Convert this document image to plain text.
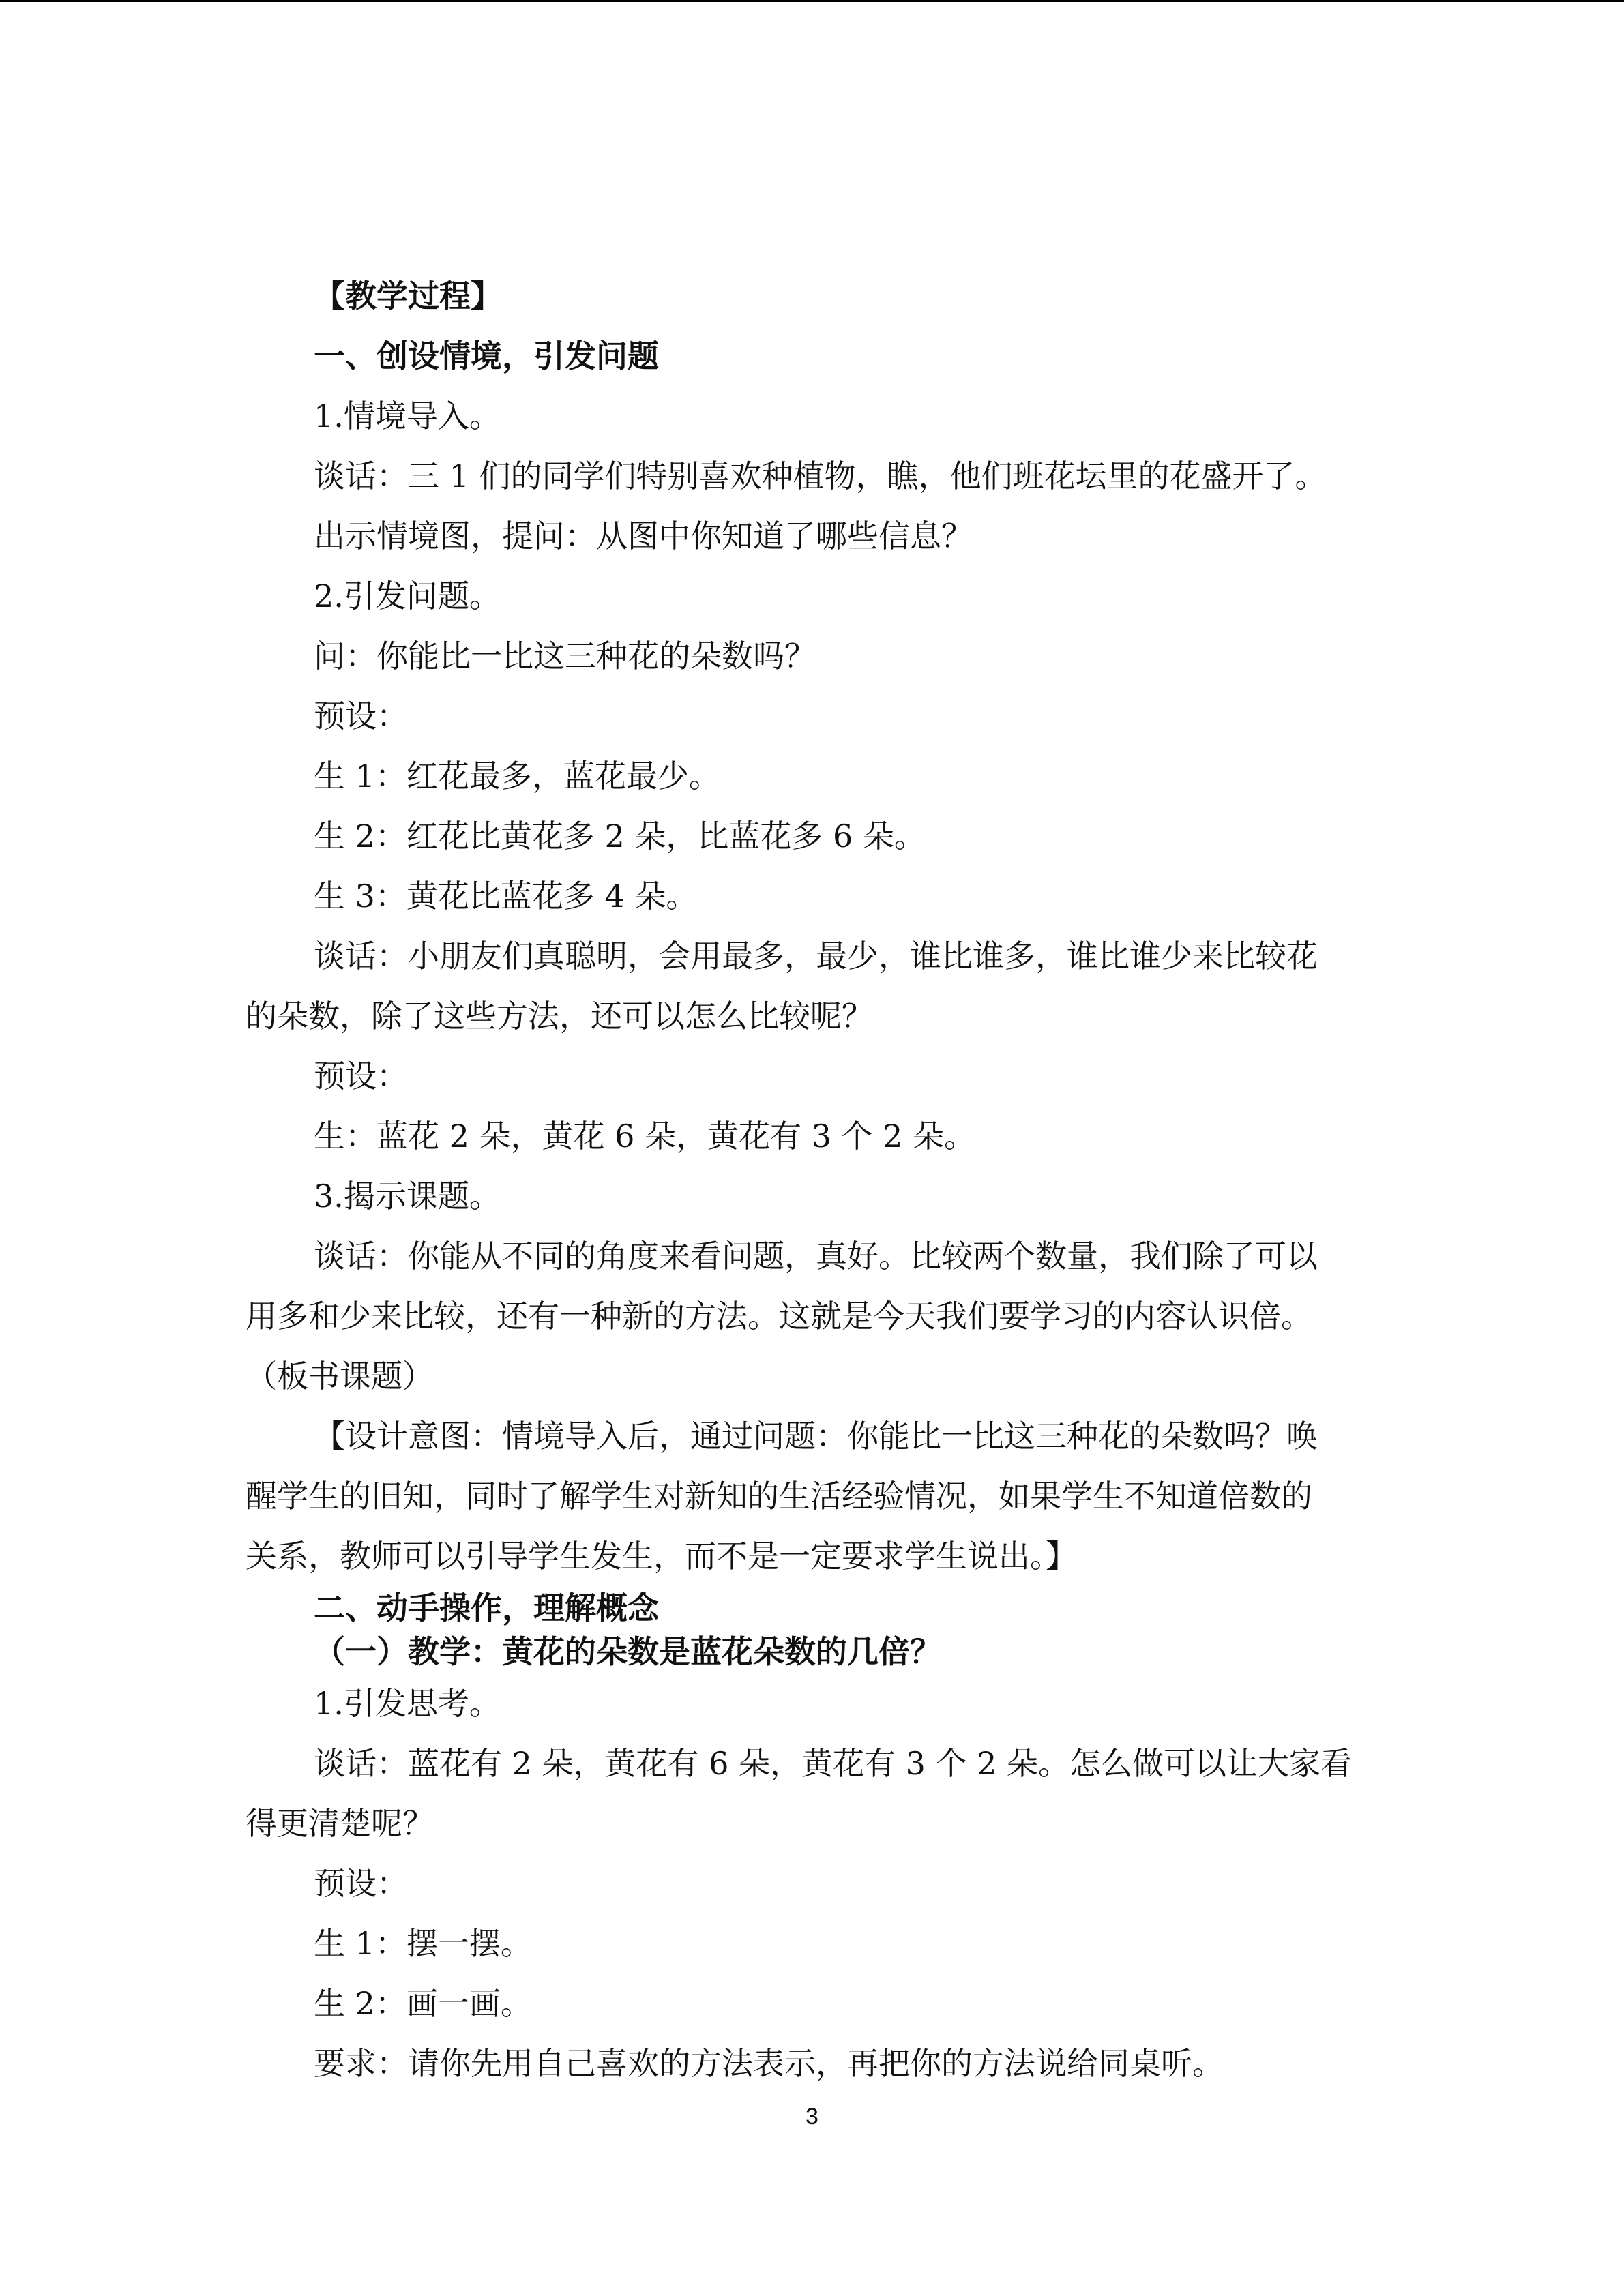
【教学过程】
一、创设情境，引发问题
1.情境导入。
谈话：三 1 们的同学们特别喜欢种植物，瞧，他们班花坛里的花盛开了。
出示情境图，提问：从图中你知道了哪些信息？
2.引发问题。
问：你能比一比这三种花的朵数吗？
预设：
生 1：红花最多，蓝花最少。
生 2：红花比黄花多 2 朵，比蓝花多 6 朵。
生 3：黄花比蓝花多 4 朵。
谈话：小朋友们真聪明，会用最多，最少，谁比谁多，谁比谁少来比较花
的朵数，除了这些方法，还可以怎么比较呢？
预设：
生：蓝花 2 朵，黄花 6 朵，黄花有 3 个 2 朵。
3.揭示课题。
谈话：你能从不同的角度来看问题，真好。比较两个数量，我们除了可以
用多和少来比较，还有一种新的方法。这就是今天我们要学习的内容认识倍。
（板书课题）
【设计意图：情境导入后，通过问题：你能比一比这三种花的朵数吗？唤
醒学生的旧知，同时了解学生对新知的生活经验情况，如果学生不知道倍数的
关系，教师可以引导学生发生，而不是一定要求学生说出。】
二、动手操作，理解概念
（一）教学：黄花的朵数是蓝花朵数的几倍？
1.引发思考。
谈话：蓝花有 2 朵，黄花有 6 朵，黄花有 3 个 2 朵。怎么做可以让大家看
得更清楚呢？
预设：
生 1：摆一摆。
生 2：画一画。
要求：请你先用自己喜欢的方法表示，再把你的方法说给同桌听。
3
